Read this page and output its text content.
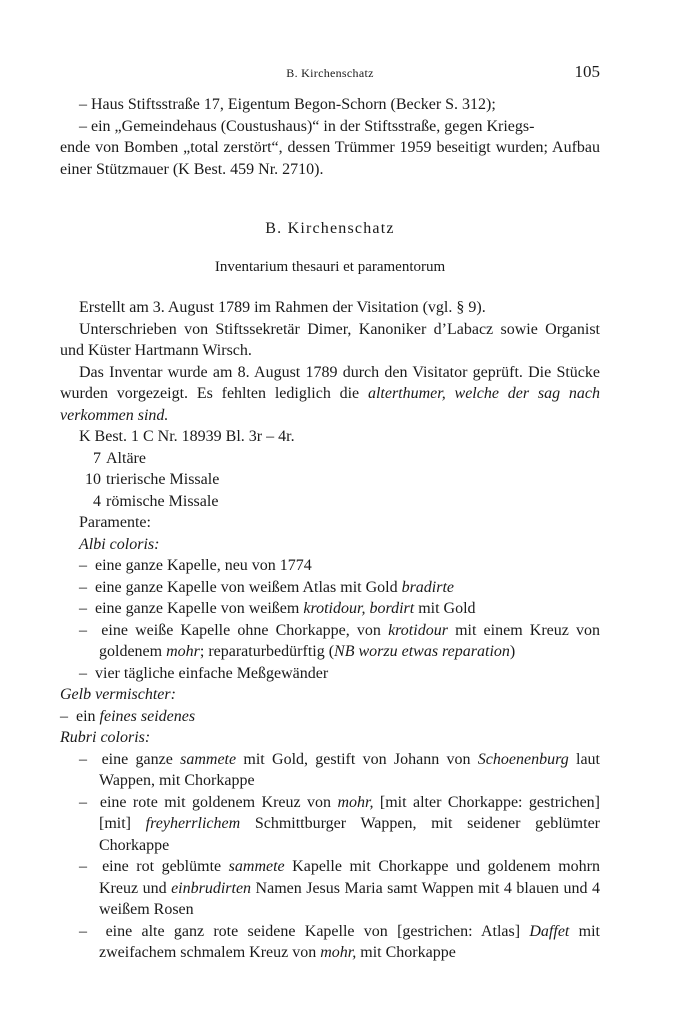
B. Kirchenschatz	105

– Haus Stiftsstraße 17, Eigentum Begon-Schorn (Becker S. 312);

– ein „Gemeindehaus (Coustushaus)“ in der Stiftsstraße, gegen Kriegs-

ende von Bomben „total zerstört“, dessen Trümmer 1959 beseitigt wurden; Aufbau einer Stützmauer (K Best. 459 Nr. 2710).

B. Kirchenschatz
Inventarium thesauri et paramentorum

Erstellt am 3. August 1789 im Rahmen der Visitation (vgl. § 9).

Unterschrieben von Stiftssekretär Dimer, Kanoniker d’Labacz sowie Organist und Küster Hartmann Wirsch.

Das Inventar wurde am 8. August 1789 durch den Visitator geprüft. Die Stücke wurden vorgezeigt. Es fehlten lediglich die alterthumer, welche der sag nach verkommen sind.

K Best. 1 C Nr. 18939 Bl. 3r – 4r.

7 Altäre

10 trierische Missale

4 römische Missale

Paramente:

Albi coloris:

– eine ganze Kapelle, neu von 1774

– eine ganze Kapelle von weißem Atlas mit Gold bradirte

– eine ganze Kapelle von weißem krotidour, bordirt mit Gold

– eine weiße Kapelle ohne Chorkappe, von krotidour mit einem Kreuz von goldenem mohr; reparaturbedürftig (NB worzu etwas reparation)

– vier tägliche einfache Meßgewänder

Gelb vermischter:

– ein feines seidenes

Rubri coloris:

– eine ganze sammete mit Gold, gestift von Johann von Schoenenburg laut Wappen, mit Chorkappe

– eine rote mit goldenem Kreuz von mohr, [mit alter Chorkappe: gestrichen] [mit] freyherrlichem Schmittburger Wappen, mit seidener geblümter Chorkappe

– eine rot geblümte sammete Kapelle mit Chorkappe und goldenem mohrn Kreuz und einbrudirten Namen Jesus Maria samt Wappen mit 4 blauen und 4 weißem Rosen

– eine alte ganz rote seidene Kapelle von [gestrichen: Atlas] Daffet mit zweifachem schmalem Kreuz von mohr, mit Chorkappe
